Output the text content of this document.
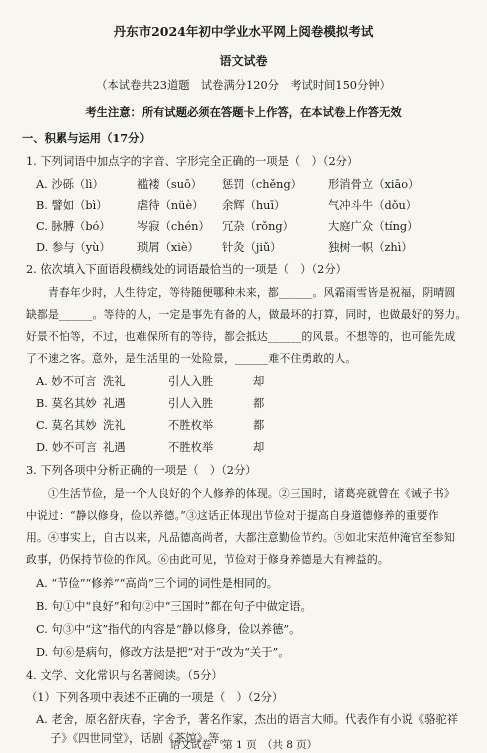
丹东市2024年初中学业水平网上阅卷模拟考试
语文试卷
（本试卷共23道题　试卷满分120分　考试时间150分钟）
考生注意：所有试题必须在答题卡上作答，在本试卷上作答无效
一、积累与运用（17分）
1. 下列词语中加点字的字音、字形完全正确的一项是（　）（2分）
A. 沙砾（lì）	褴褛（suō） 惩罚（chěng） 形消骨立（xiāo）
B. 譬如（bì）	虐待（nüè） 余辉（huī）	气冲斗牛（dǒu）
C. 脉膊（bó） 岑寂（chén） 冗杂（rǒng）	大庭广众（tíng）
D. 参与（yù） 琐屑（xiè） 针灸（jiǔ）	独树一帜（zhì）
2. 依次填入下面语段横线处的词语最恰当的一项是（　）（2分）
　　青春年少时，人生待定，等待随便哪种未来，都______。风霜雨雪皆是祝福，阴晴圆
缺都是______。等待的人，一定是事先有备的人，做最坏的打算，同时，也做最好的努力。
好景不怕等，不过，也难保所有的等待，都会抵达______的风景。不想等的，也可能先成
了不速之客。意外，是生活里的一处险景，______难不住勇敢的人。
A. 妙不可言 洗礼	引人入胜	却
B. 莫名其妙 礼遇	引人入胜	都
C. 莫名其妙 洗礼	不胜枚举	都
D. 妙不可言 礼遇	不胜枚举	却
3. 下列各项中分析正确的一项是（　）（2分）
　　①生活节俭，是一个人良好的个人修养的体现。②三国时，诸葛亮就曾在《诫子书》
中说过：“静以修身，俭以养德。”③这话正体现出节俭对于提高自身道德修养的重要作
用。④事实上，自古以来，凡品德高尚者，大都注意勤俭节约。⑤如北宋范仲淹官至参知
政事，仍保持节俭的作风。⑥由此可见，节俭对于修身养德是大有裨益的。
A. “节俭”“修养”“高尚”三个词的词性是相同的。
B. 句①中“良好”和句②中“三国时”都在句子中做定语。
C. 句③中“这”指代的内容是“静以修身，俭以养德”。
D. 句⑥是病句，修改方法是把“对于”改为“关于”。
4. 文学、文化常识与名著阅读。（5分）
（1）下列各项中表述不正确的一项是（　）（2分）
A. 老舍，原名舒庆春，字舍予，著名作家，杰出的语言大师。代表作有小说《骆驼祥
子》《四世同堂》，话剧《茶馆》等。
语文试卷　第 1 页　（共 8 页）
